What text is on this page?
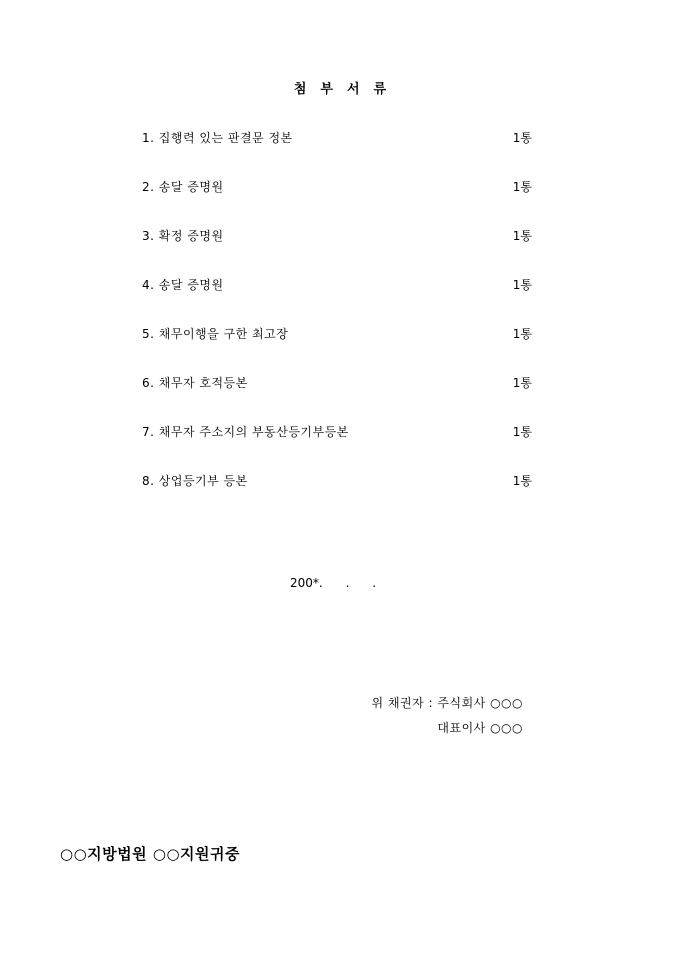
첨부서류
1. 집행력 있는 판결문 정본	1통
2. 송달 증명원	1통
3. 확정 증명원	1통
4. 송달 증명원	1통
5. 채무이행을 구한 최고장	1통
6. 채무자 호적등본	1통
7. 채무자 주소지의 부동산등기부등본	1통
8. 상업등기부 등본	1통
200*.      .      .
위 채권자 : 주식회사 ○○○
대표이사 ○○○
○○지방법원 ○○지원귀중
